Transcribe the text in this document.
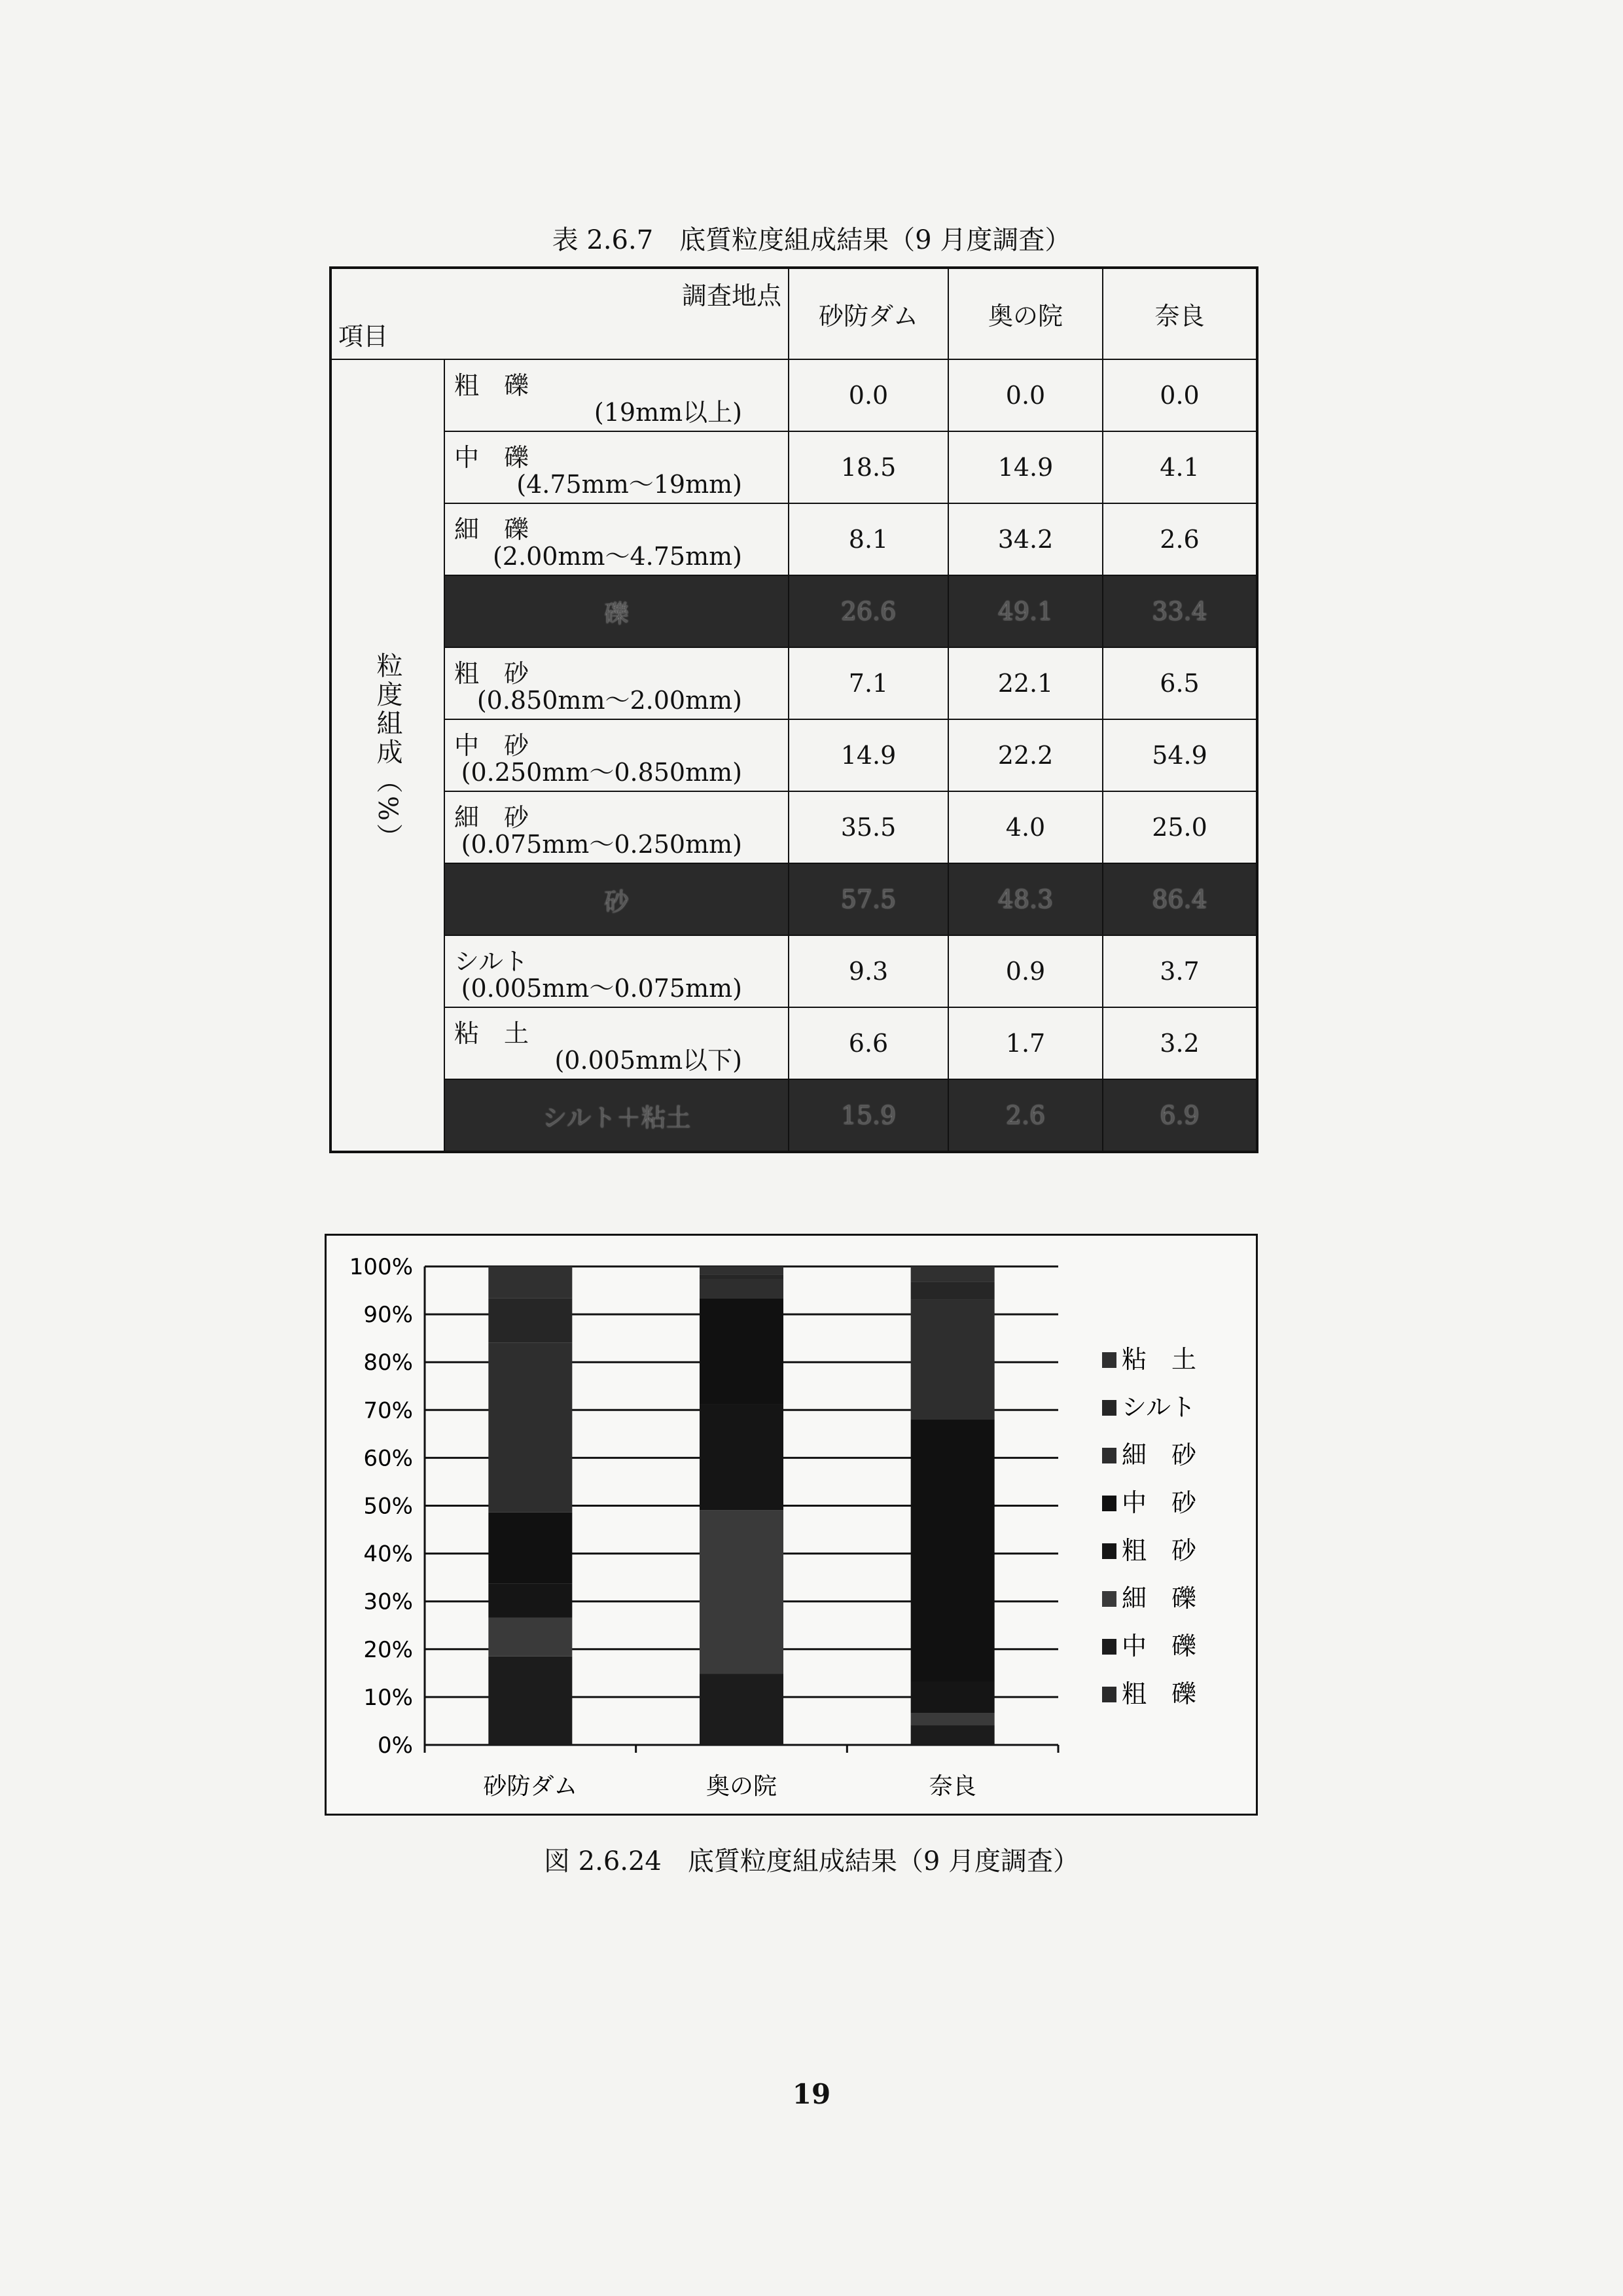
表 2.6.7　底質粒度組成結果（9 月度調査）
調査地点
項目		砂防ダム	奥の院	奈良
粒度組成（%）	粗　礫
(19mm以上)	0.0	0.0	0.0

	中　礫
(4.75mm～19mm)	18.5	14.9	4.1

	細　礫
(2.00mm～4.75mm)	8.1	34.2	2.6
	礫	26.6	49.1	33.4

	粗　砂
(0.850mm～2.00mm)	7.1	22.1	6.5

	中　砂
(0.250mm～0.850mm)	14.9	22.2	54.9

	細　砂
(0.075mm～0.250mm)	35.5	4.0	25.0
	砂	57.5	48.3	86.4

	シルト
(0.005mm～0.075mm)	9.3	0.9	3.7

	粘　土
(0.005mm以下)	6.6	1.7	3.2
	シルト＋粘土	15.9	2.6	6.9
0%
10%
20%
30%
40%
50%
60%
70%
80%
90%
100%
砂防ダム	奥の院	奈良
粘　土
シルト
細　砂
中　砂
粗　砂
細　礫
中　礫
粗　礫
図 2.6.24　底質粒度組成結果（9 月度調査）
19
